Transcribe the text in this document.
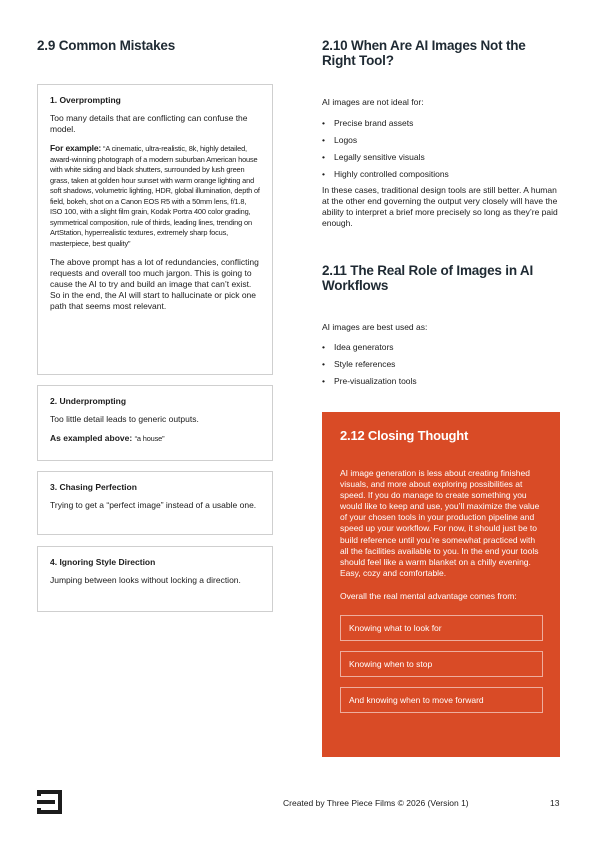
2.9 Common Mistakes
1. Overprompting

Too many details that are conflicting can confuse the model.

For example: “A cinematic, ultra-realistic, 8k, highly detailed, award-winning photograph of a modern suburban American house with white siding and black shutters, surrounded by lush green grass, taken at golden hour sunset with warm orange lighting and soft shadows, volumetric lighting, HDR, global illumination, depth of field, bokeh, shot on a Canon EOS R5 with a 50mm lens, f/1.8, ISO 100, with a slight film grain, Kodak Portra 400 color grading, symmetrical composition, rule of thirds, leading lines, trending on ArtStation, hyperrealistic textures, extremely sharp focus, masterpiece, best quality”

The above prompt has a lot of redundancies, conflicting requests and overall too much jargon. This is going to cause the AI to try and build an image that can’t exist. So in the end, the AI will start to hallucinate or pick one path that seems most relevant.

2. Underprompting

Too little detail leads to generic outputs.

As exampled above: “a house”

3. Chasing Perfection

Trying to get a “perfect image” instead of a usable one.

4. Ignoring Style Direction

Jumping between looks without locking a direction.

2.10 When Are AI Images Not the Right Tool?

AI images are not ideal for:

• Precise brand assets
• Logos
• Legally sensitive visuals
• Highly controlled compositions

In these cases, traditional design tools are still better. A human at the other end governing the output very closely will have the ability to interpret a brief more precisely so long as they’re paid enough.

2.11 The Real Role of Images in AI Workflows

AI images are best used as:

• Idea generators
• Style references
• Pre-visualization tools
2.12 Closing Thought

AI image generation is less about creating finished visuals, and more about exploring possibilities at speed. If you do manage to create something you would like to keep and use, you’ll maximize the value of your chosen tools in your production pipeline and speed up your workflow. For now, it should just be to build reference until you’re somewhat practiced with all the facilities available to you. In the end your tools should feel like a warm blanket on a chilly evening. Easy, cozy and comfortable.

Overall the real mental advantage comes from:

Knowing what to look for
Knowing when to stop
And knowing when to move forward
Created by Three Piece Films © 2026 (Version 1)	13
